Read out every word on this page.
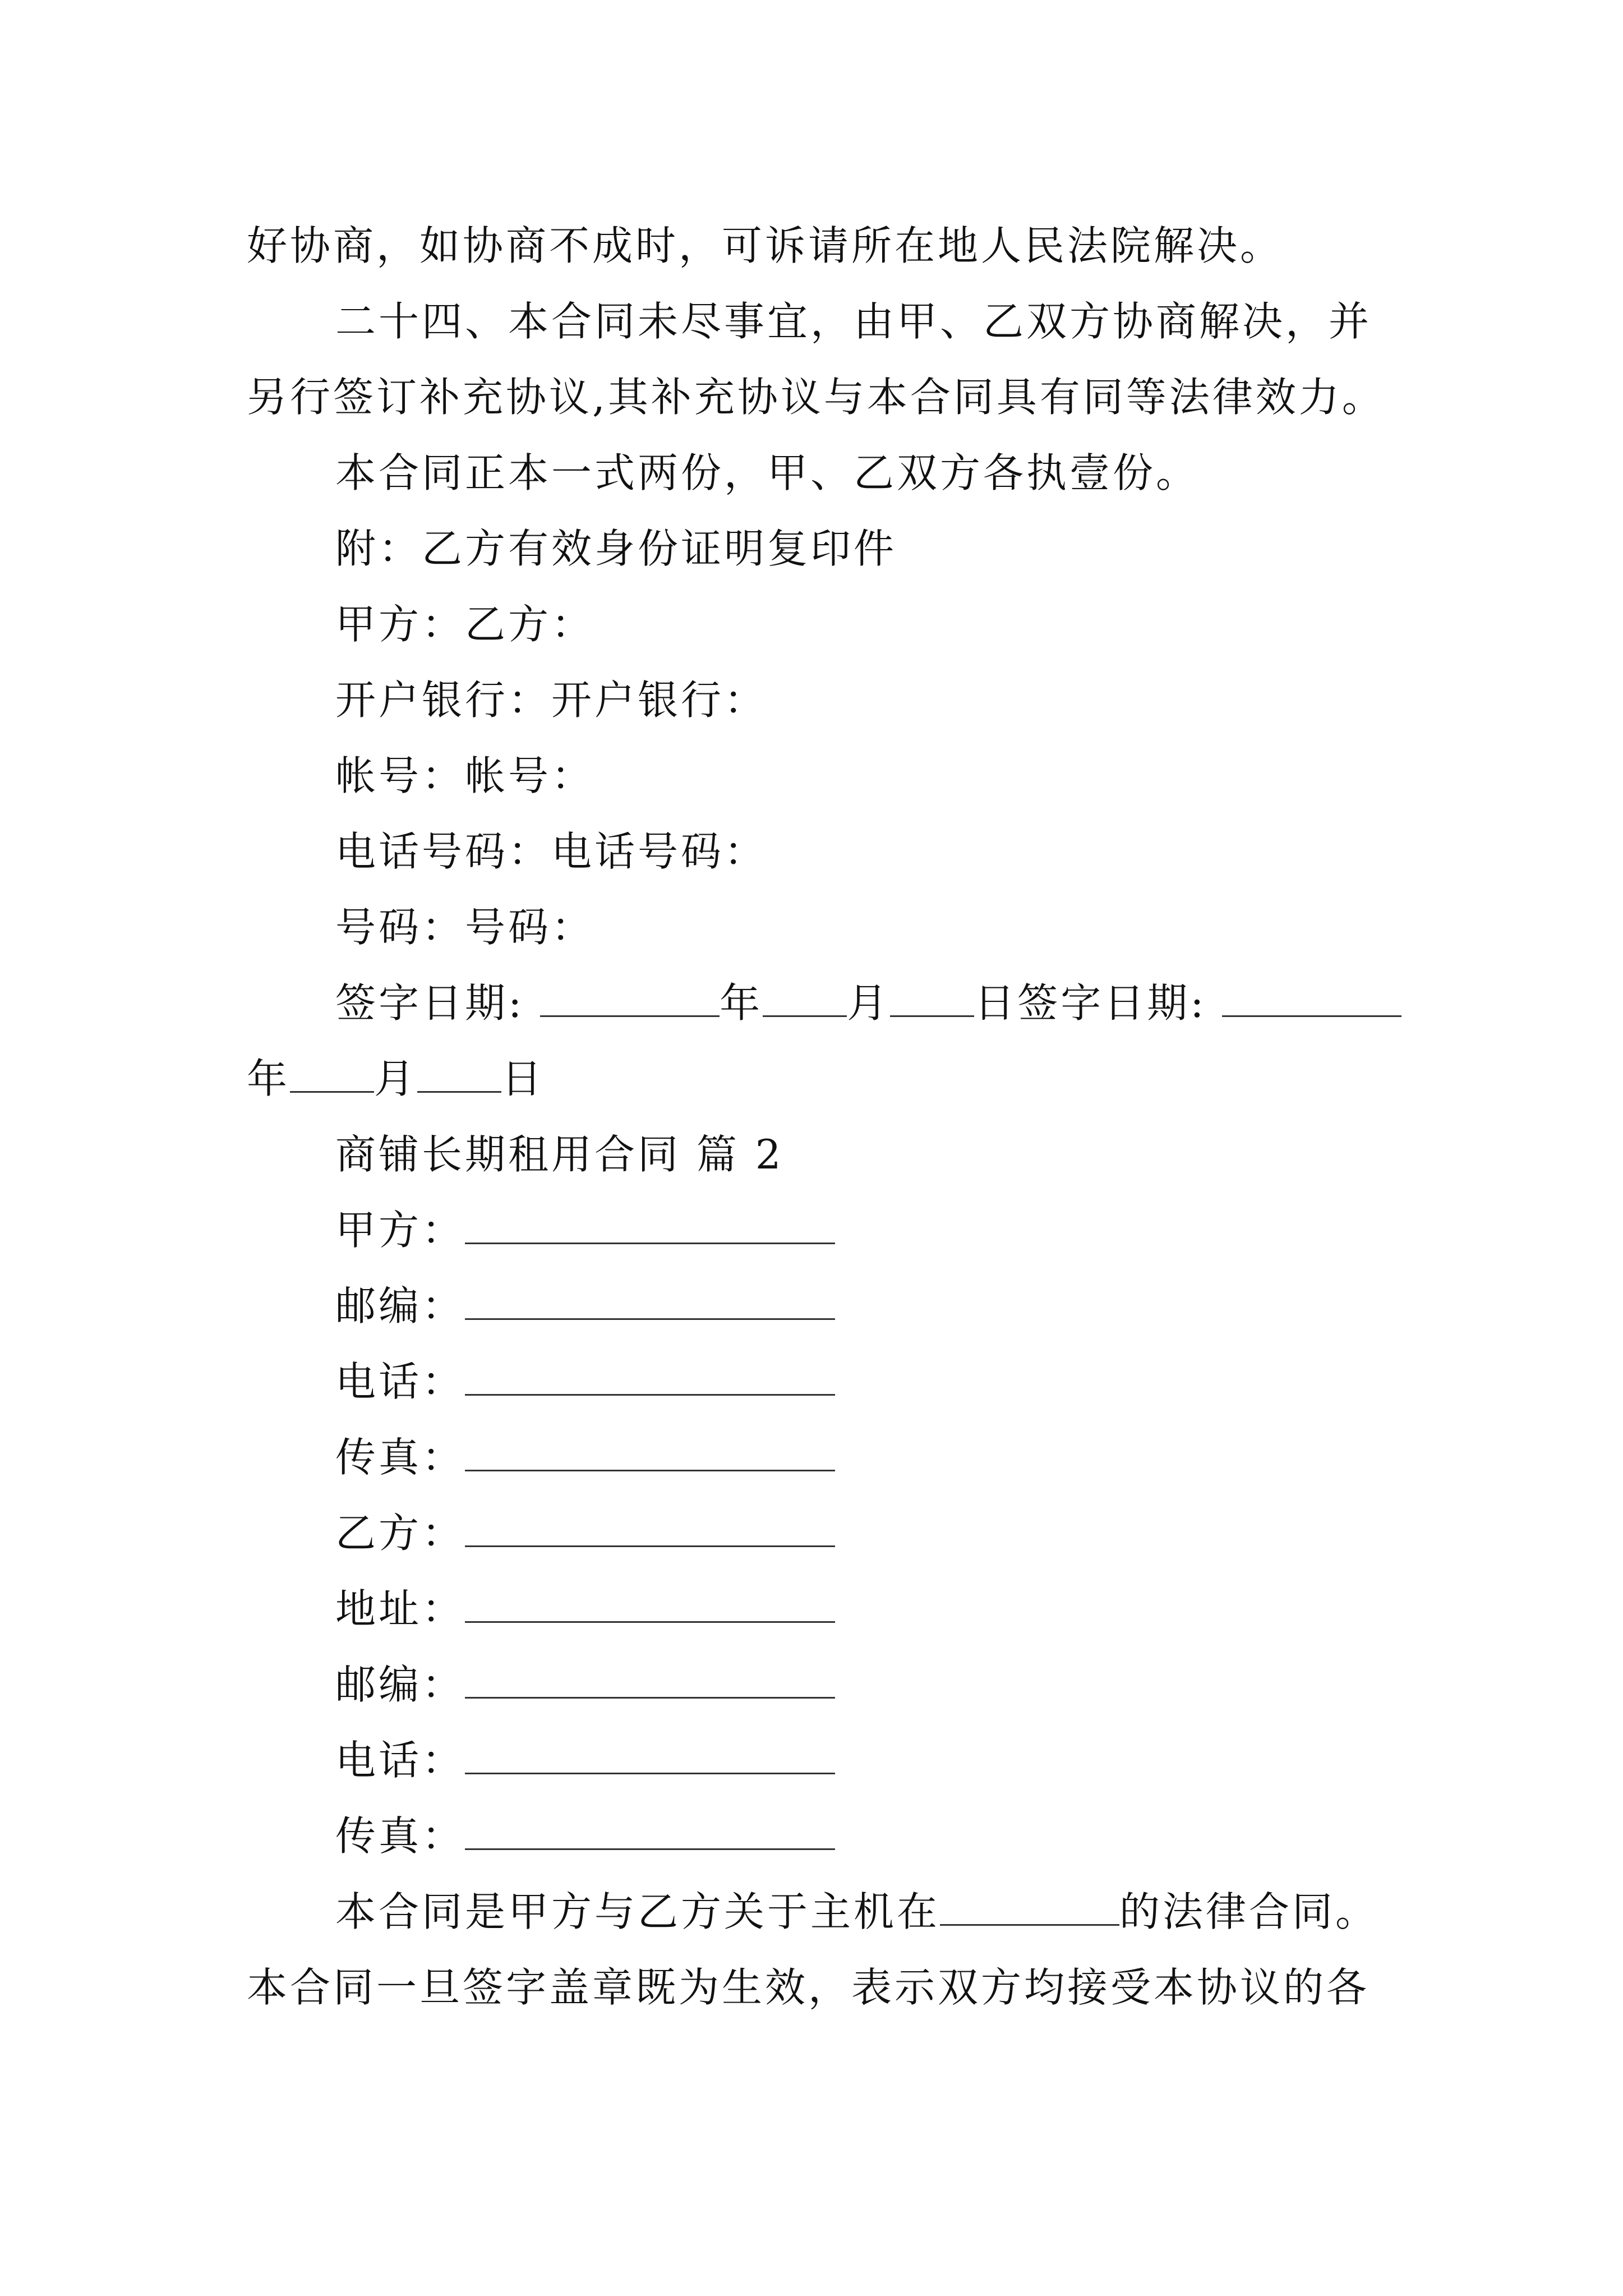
好协商，如协商不成时，可诉请所在地人民法院解决。
二十四、本合同未尽事宜，由甲、乙双方协商解决，并
另行签订补充协议,其补充协议与本合同具有同等法律效力。
本合同正本一式两份，甲、乙双方各执壹份。
附：乙方有效身份证明复印件
甲方：乙方：
开户银行：开户银行：
帐号：帐号：
电话号码：电话号码：
号码：号码：
签字日期:	年 月 日签字日期:
年 月 日
商铺长期租用合同 篇 2
甲方：
邮编：
电话：
传真：
乙方：
地址：
邮编：
电话：
传真：
本合同是甲方与乙方关于主机在	的法律合同。
本合同一旦签字盖章既为生效，表示双方均接受本协议的各
